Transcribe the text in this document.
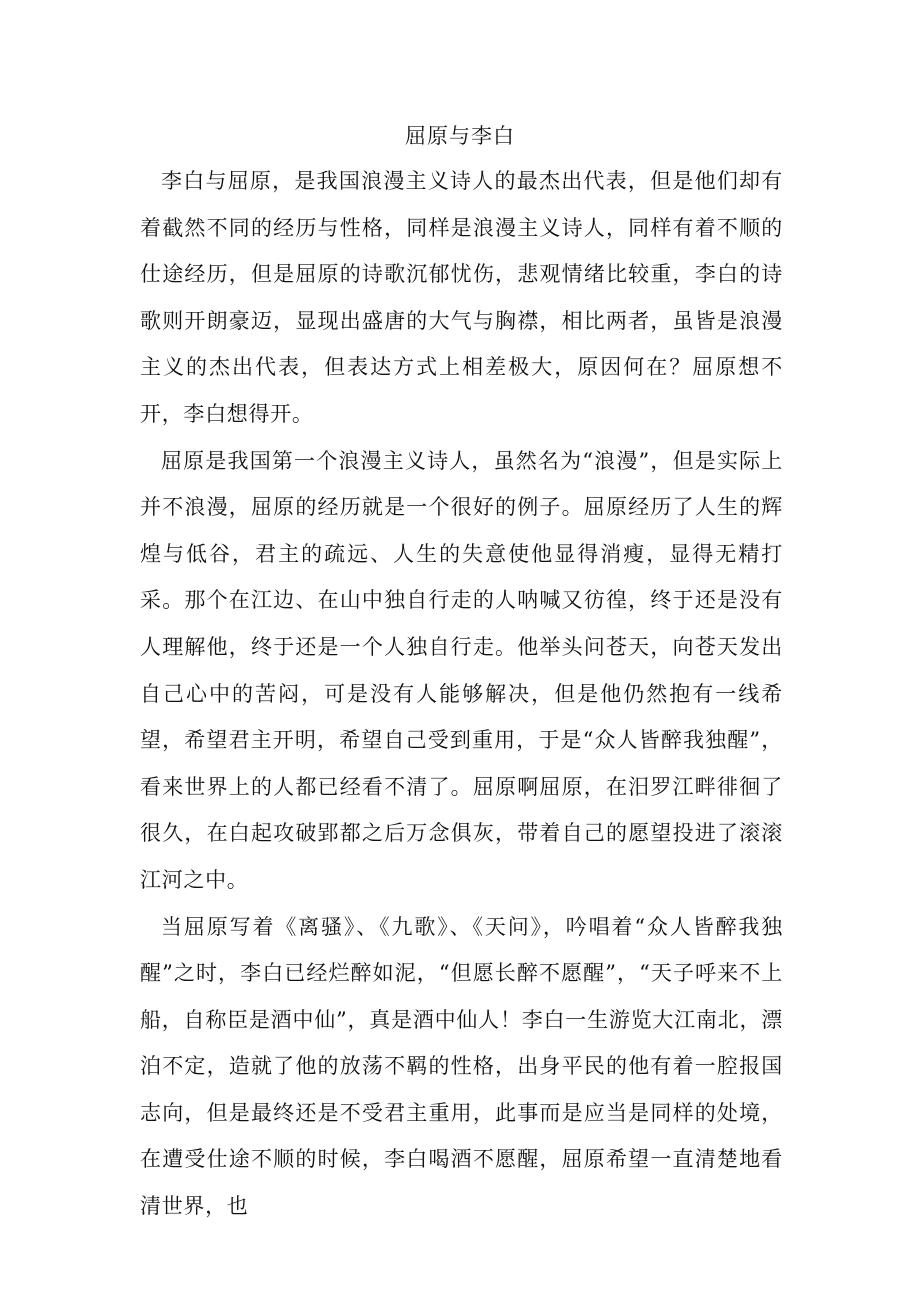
屈原与李白

李白与屈原，是我国浪漫主义诗人的最杰出代表，但是他们却有着截然不同的经历与性格，同样是浪漫主义诗人，同样有着不顺的仕途经历，但是屈原的诗歌沉郁忧伤，悲观情绪比较重，李白的诗歌则开朗豪迈，显现出盛唐的大气与胸襟，相比两者，虽皆是浪漫主义的杰出代表，但表达方式上相差极大，原因何在？屈原想不开，李白想得开。

屈原是我国第一个浪漫主义诗人，虽然名为“浪漫”，但是实际上并不浪漫，屈原的经历就是一个很好的例子。屈原经历了人生的辉煌与低谷，君主的疏远、人生的失意使他显得消瘦，显得无精打采。那个在江边、在山中独自行走的人呐喊又彷徨，终于还是没有人理解他，终于还是一个人独自行走。他举头问苍天，向苍天发出自己心中的苦闷，可是没有人能够解决，但是他仍然抱有一线希望，希望君主开明，希望自己受到重用，于是“众人皆醉我独醒”，看来世界上的人都已经看不清了。屈原啊屈原，在汨罗江畔徘徊了很久，在白起攻破郢都之后万念俱灰，带着自己的愿望投进了滚滚江河之中。

当屈原写着《离骚》、《九歌》、《天问》，吟唱着“众人皆醉我独醒”之时，李白已经烂醉如泥，“但愿长醉不愿醒”，“天子呼来不上船，自称臣是酒中仙”，真是酒中仙人！李白一生游览大江南北，漂泊不定，造就了他的放荡不羁的性格，出身平民的他有着一腔报国志向，但是最终还是不受君主重用，此事而是应当是同样的处境，在遭受仕途不顺的时候，李白喝酒不愿醒，屈原希望一直清楚地看清世界，也
